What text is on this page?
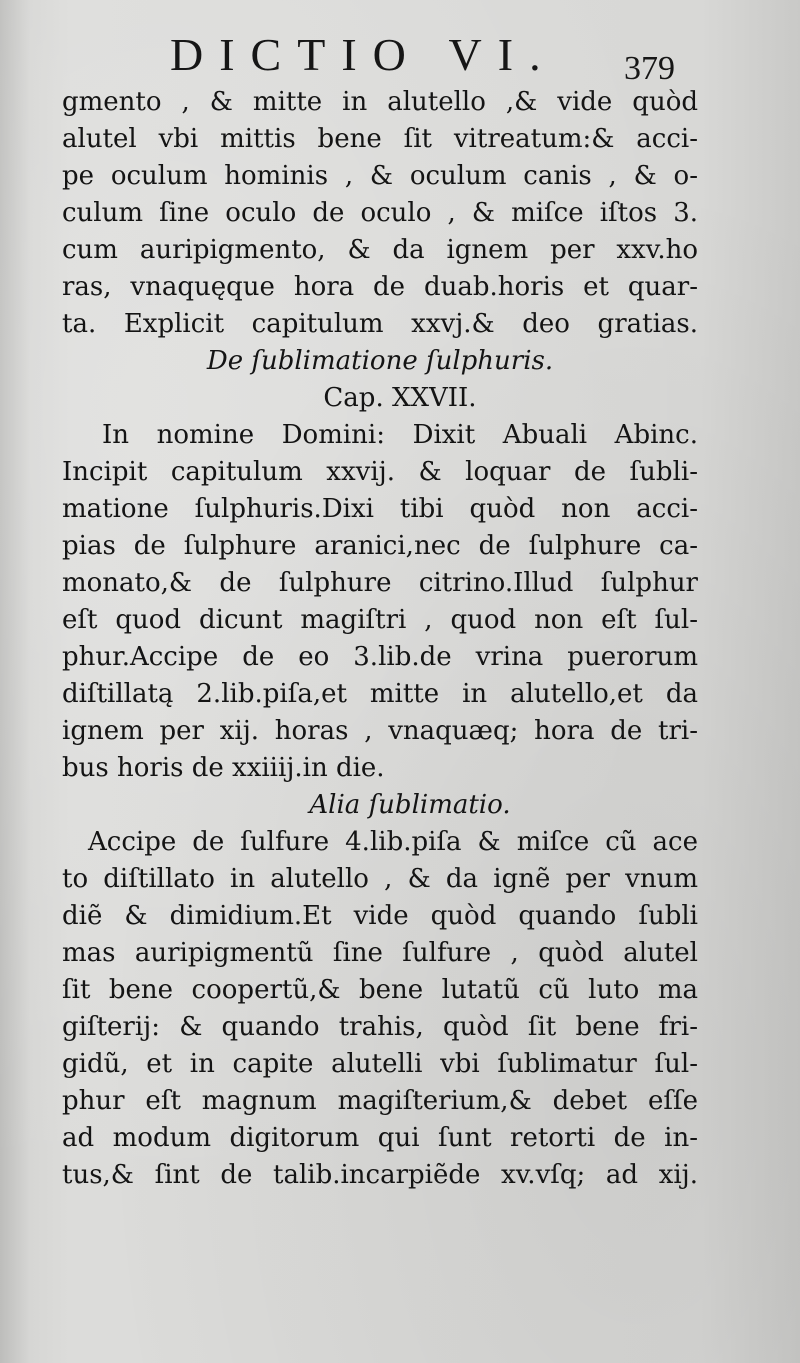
DICTIO VI. 379
gmento , & mitte in alutello ,& vide quòd
alutel vbi mittis bene ſit vitreatum:& acci-
pe oculum hominis , & oculum canis , & o-
culum ſine oculo de oculo , & miſce iſtos 3.
cum auripigmento, & da ignem per xxv.ho
ras, vnaquęque hora de duab.horis et quar-
ta. Explicit capitulum xxvj.& deo gratias.
De ſublimatione ſulphuris.
Cap. XXVII.
In nomine Domini: Dixit Abuali Abinc.
Incipit capitulum xxvij. & loquar de ſubli-
matione ſulphuris.Dixi tibi quòd non acci-
pias de ſulphure aranici,nec de ſulphure ca-
monato,& de ſulphure citrino.Illud ſulphur
eſt quod dicunt magiſtri , quod non eſt ſul-
phur.Accipe de eo 3.lib.de vrina puerorum
diſtillatą 2.lib.piſa,et mitte in alutello,et da
ignem per xij. horas , vnaquæq; hora de tri-
bus horis de xxiiij.in die.
Alia ſublimatio.
Accipe de ſulfure 4.lib.piſa & miſce cũ ace
to diſtillato in alutello , & da ignẽ per vnum
diẽ & dimidium.Et vide quòd quando ſubli
mas auripigmentũ ſine ſulfure , quòd alutel
ſit bene coopertũ,& bene lutatũ cũ luto ma
giſterij: & quando trahis, quòd ſit bene fri-
gidũ, et in capite alutelli vbi ſublimatur ſul-
phur eſt magnum magiſterium,& debet eſſe
ad modum digitorum qui ſunt retorti de in-
tus,& ſint de talib.incarpiẽde xv.vſq; ad xij.
